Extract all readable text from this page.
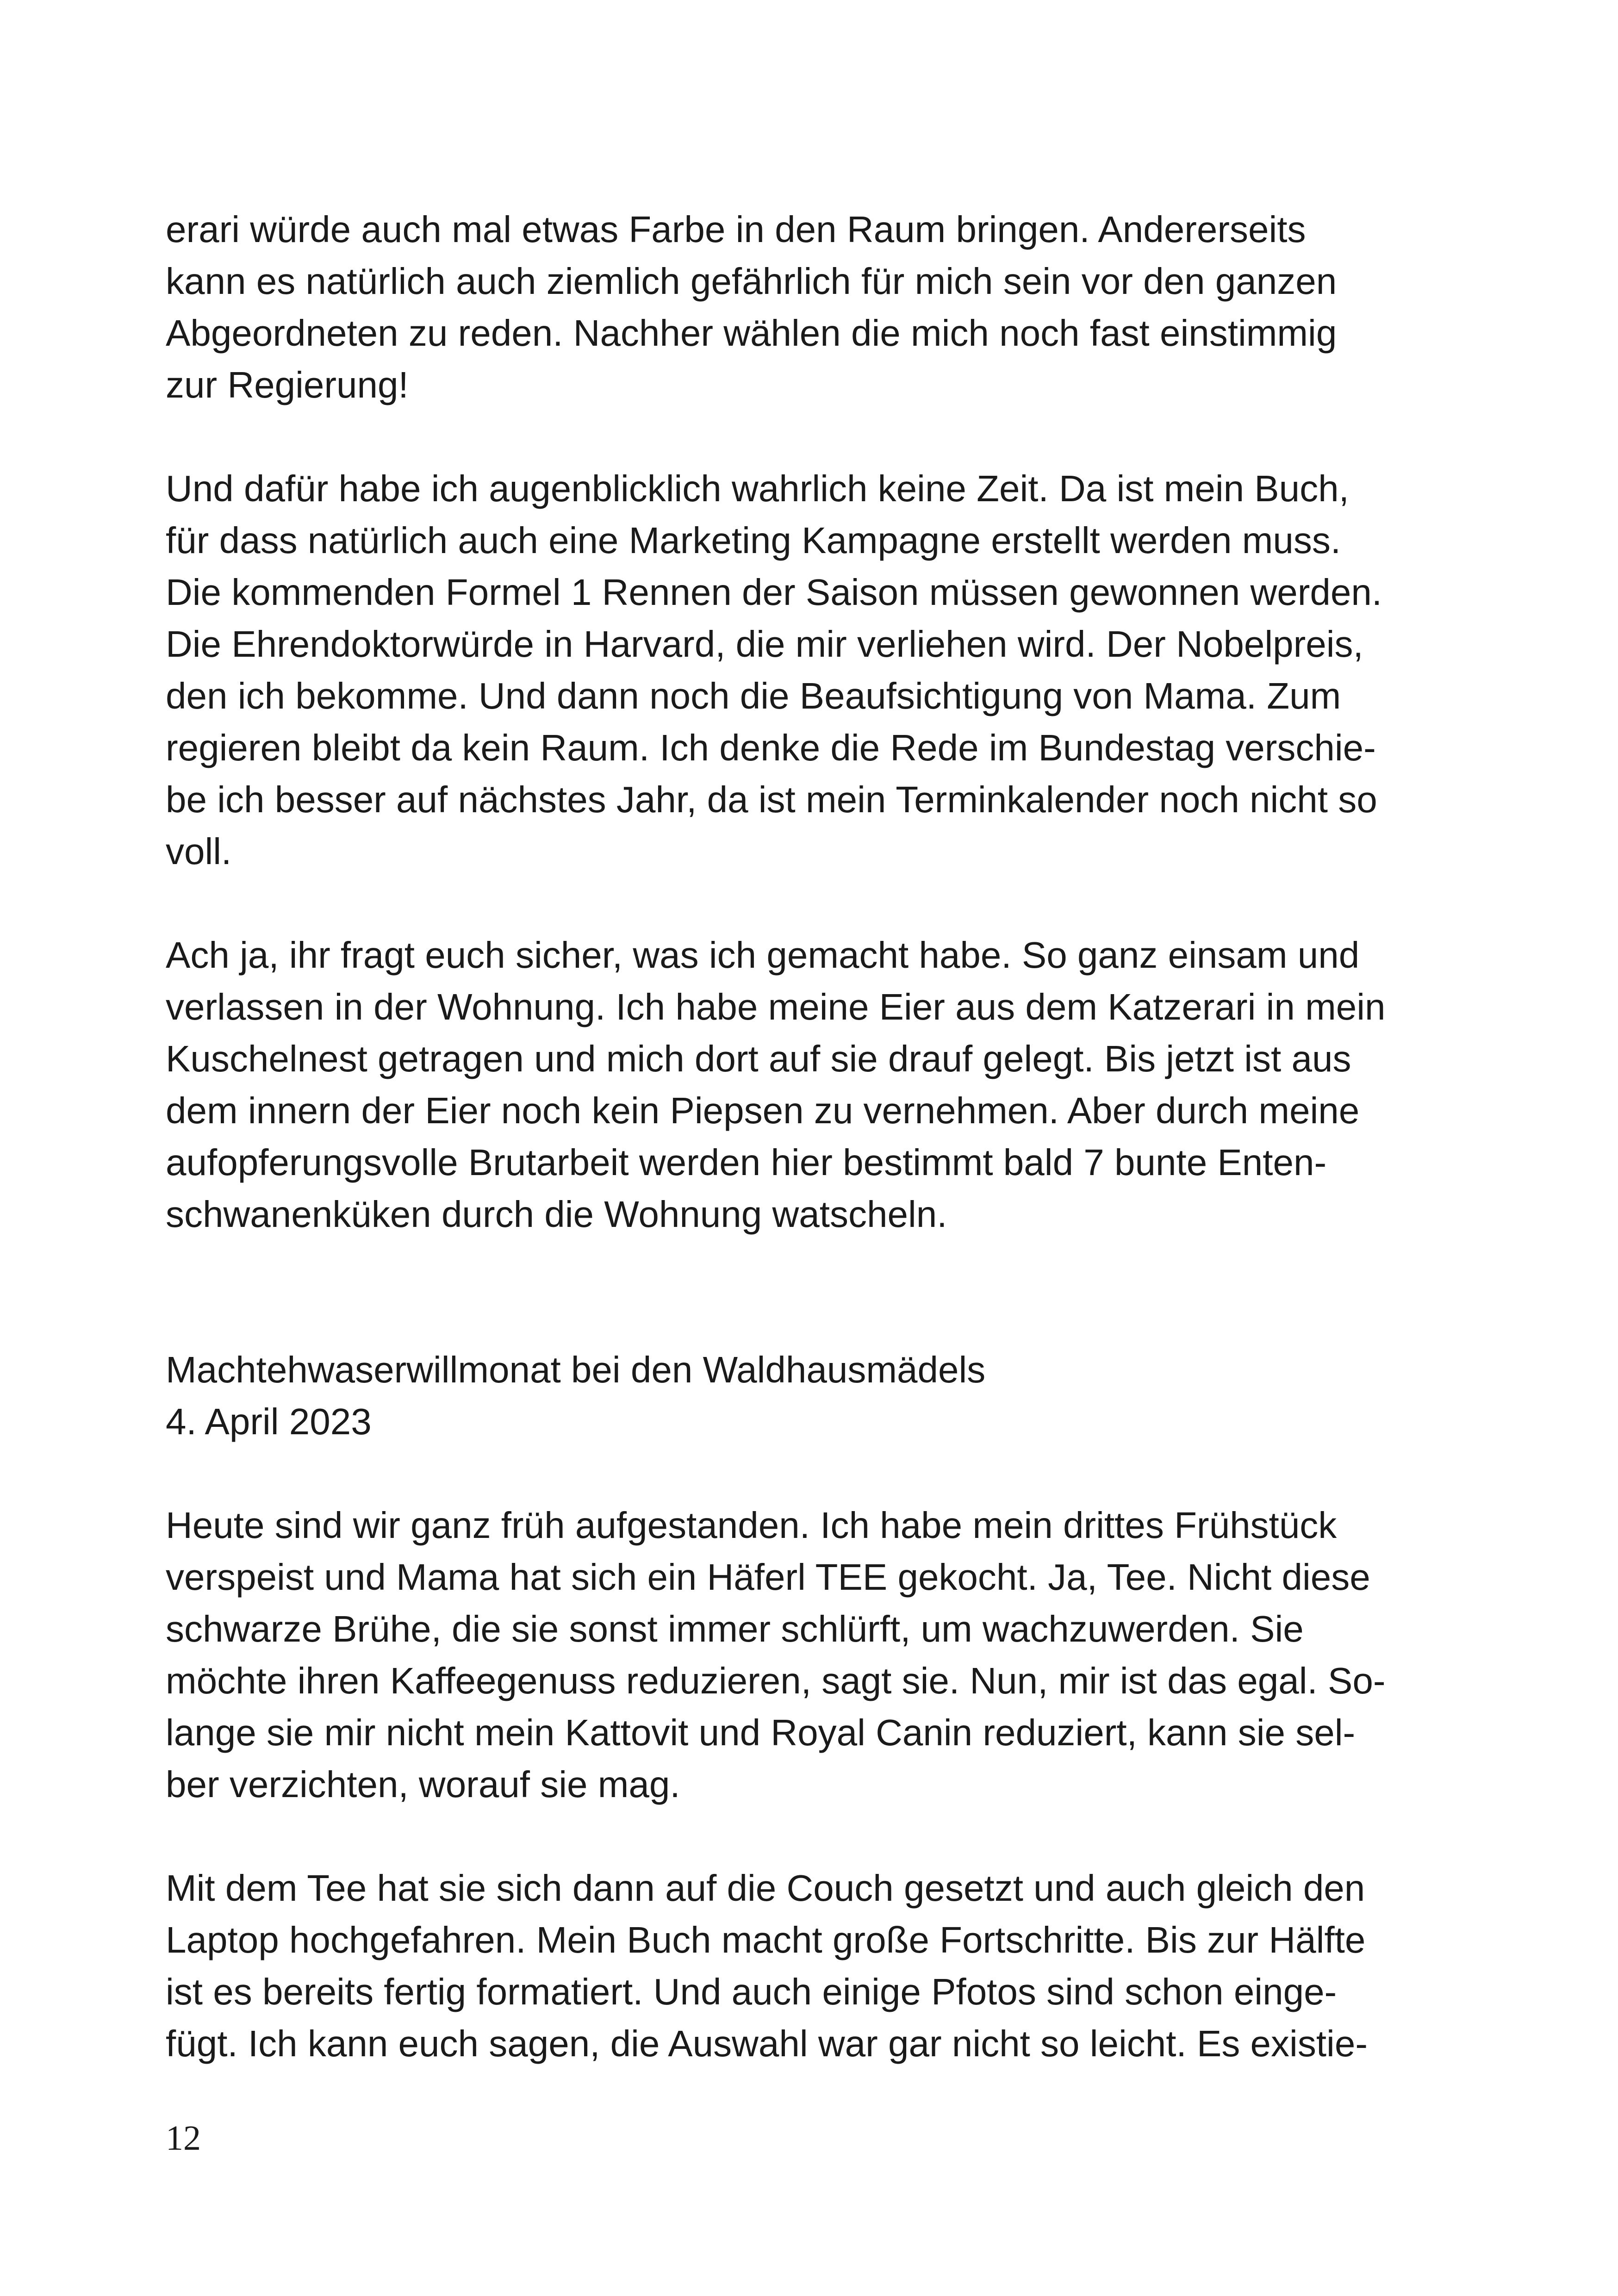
erari würde auch mal etwas Farbe in den Raum bringen. Andererseits
kann es natürlich auch ziemlich gefährlich für mich sein vor den ganzen
Abgeordneten zu reden. Nachher wählen die mich noch fast einstimmig
zur Regierung!

Und dafür habe ich augenblicklich wahrlich keine Zeit. Da ist mein Buch,
für dass natürlich auch eine Marketing Kampagne erstellt werden muss.
Die kommenden Formel 1 Rennen der Saison müssen gewonnen werden.
Die Ehrendoktorwürde in Harvard, die mir verliehen wird. Der Nobelpreis,
den ich bekomme. Und dann noch die Beaufsichtigung von Mama. Zum
regieren bleibt da kein Raum. Ich denke die Rede im Bundestag verschie-
be ich besser auf nächstes Jahr, da ist mein Terminkalender noch nicht so
voll.

Ach ja, ihr fragt euch sicher, was ich gemacht habe. So ganz einsam und
verlassen in der Wohnung. Ich habe meine Eier aus dem Katzerari in mein
Kuschelnest getragen und mich dort auf sie drauf gelegt. Bis jetzt ist aus
dem innern der Eier noch kein Piepsen zu vernehmen. Aber durch meine
aufopferungsvolle Brutarbeit werden hier bestimmt bald 7 bunte Enten-
schwanenküken durch die Wohnung watscheln.

Machtehwaserwillmonat bei den Waldhausmädels
4. April 2023

Heute sind wir ganz früh aufgestanden. Ich habe mein drittes Frühstück
verspeist und Mama hat sich ein Häferl TEE gekocht. Ja, Tee. Nicht diese
schwarze Brühe, die sie sonst immer schlürft, um wachzuwerden. Sie
möchte ihren Kaffeegenuss reduzieren, sagt sie. Nun, mir ist das egal. So-
lange sie mir nicht mein Kattovit und Royal Canin reduziert, kann sie sel-
ber verzichten, worauf sie mag.

Mit dem Tee hat sie sich dann auf die Couch gesetzt und auch gleich den
Laptop hochgefahren. Mein Buch macht große Fortschritte. Bis zur Hälfte
ist es bereits fertig formatiert. Und auch einige Pfotos sind schon einge-
fügt. Ich kann euch sagen, die Auswahl war gar nicht so leicht. Es existie-

12
